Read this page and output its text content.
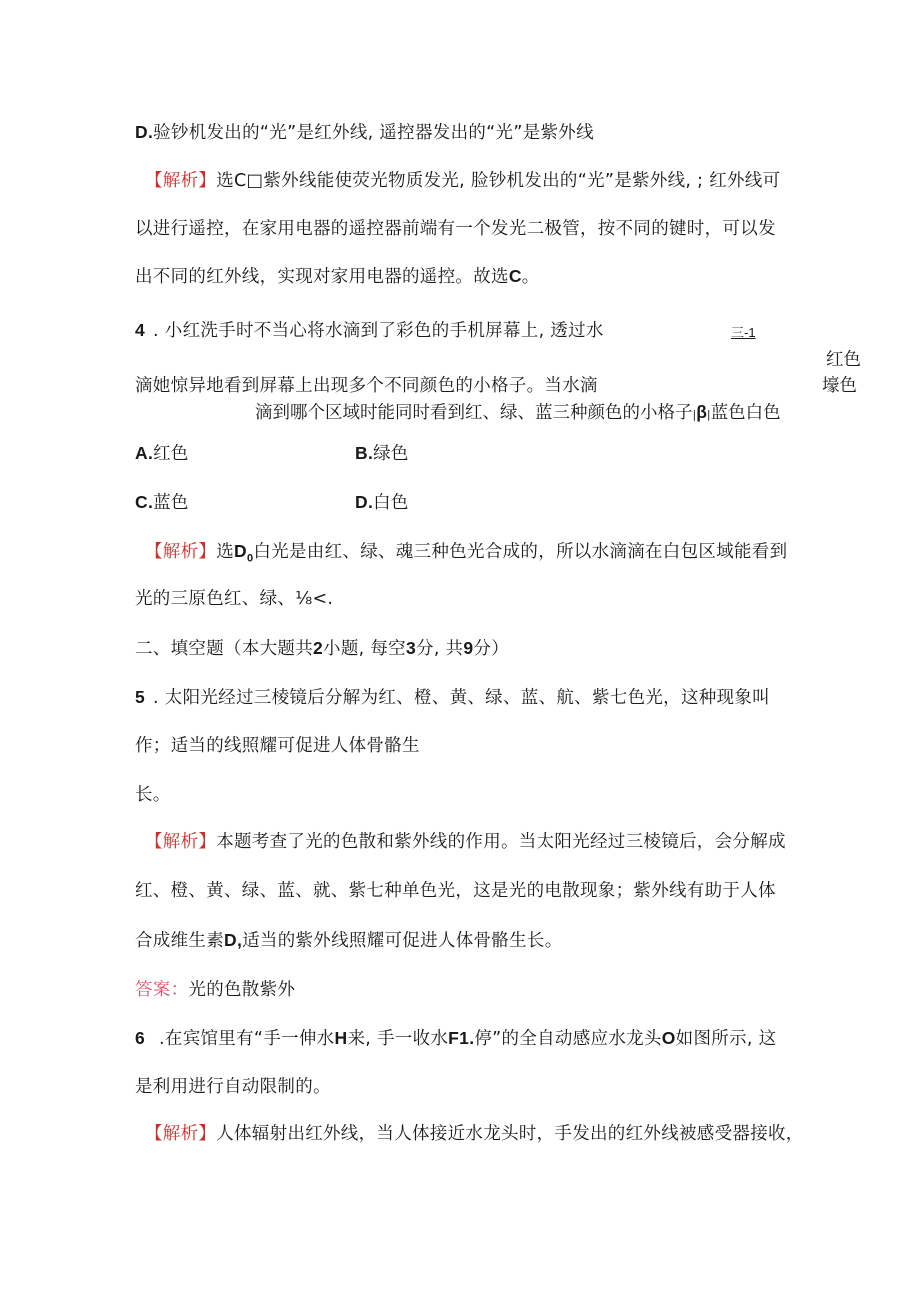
D.验钞机发出的“光”是红外线, 遥控器发出的“光”是紫外线
【解析】选C□紫外线能使荧光物质发光, 脸钞机发出的“光”是紫外线, ; 红外线可
以进行遥控，在家用电器的遥控器前端有一个发光二极管，按不同的键时，可以发
出不同的红外线，实现对家用电器的遥控。故选C。
4 . 小红洗手时不当心将水滴到了彩色的手机屏幕上, 透过水	三-1
红色
滴她惊异地看到屏幕上出现多个不同颜色的小格子。当水滴	壕色
滴到哪个区域时能同时看到红、绿、蓝三种颜色的小格子|β|蓝色白色
A.红色	B.绿色
C.蓝色	D.白色
【解析】选$D_0$白光是由红、绿、魂三种色光合成的，所以水滴滴在白包区域能看到
光的三原色红、绿、⅛<.
二、填空题（本大题共2小题, 每空3分, 共9分）
5 . 太阳光经过三棱镜后分解为红、橙、黄、绿、蓝、航、紫七色光，这种现象叫
作；适当的线照耀可促进人体骨骼生
长。
【解析】本题考查了光的色散和紫外线的作用。当太阳光经过三棱镜后，会分解成
红、橙、黄、绿、蓝、就、紫七种单色光，这是光的电散现象；紫外线有助于人体
合成维生素D,适当的紫外线照耀可促进人体骨骼生长。
答案：光的色散紫外
6 .在宾馆里有“手一伸水H来, 手一收水F1.停”的全自动感应水龙头O如图所示, 这
是利用进行自动限制的。
【解析】人体辐射出红外线，当人体接近水龙头时，手发出的红外线被感受器接收，
